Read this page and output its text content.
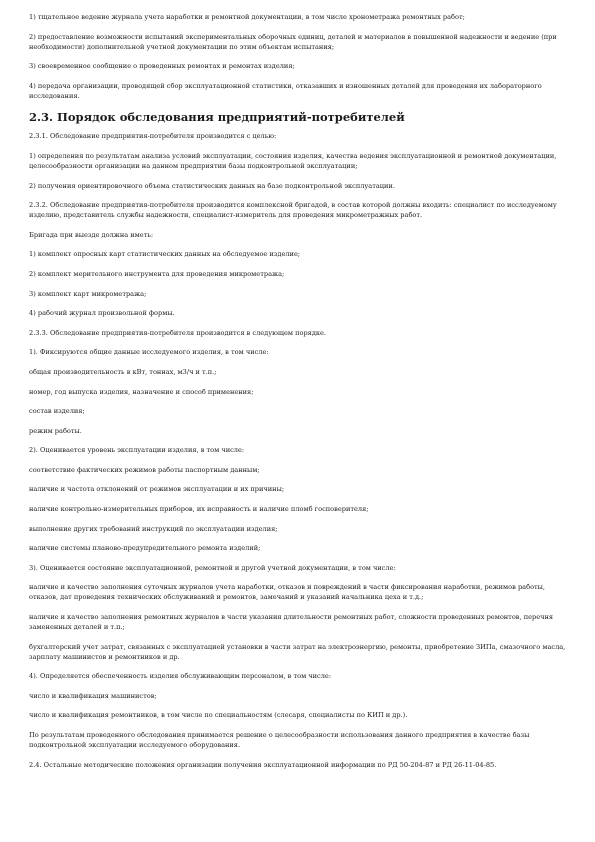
1) тщательное ведение журнала учета наработки и ремонтной документации, в том числе хронометража ремонтных работ;

2) предоставление возможности испытаний экспериментальных оборочных единиц, деталей и материалов в повышенной надежности и ведение (при необходимости) дополнительной учетной документации по этим объектам испытания;

3) своевременное сообщение о проведенных ремонтах и ремонтах изделия;

4) передача организации, проводящей сбор эксплуатационной статистики, отказавших и изношенных деталей для проведения их лабораторного исследования.

2.3. Порядок обследования предприятий-потребителей

2.3.1. Обследование предприятия-потребителя производится с целью:

1) определения по результатам анализа условий эксплуатации, состояния изделия, качества ведения эксплуатационной и ремонтной документации, целесообразности организации на данном предприятии базы подконтрольной эксплуатации;

2) получения ориентировочного объема статистических данных на базе подконтрольной эксплуатации.

2.3.2. Обследование предприятия-потребителя производится комплексной бригадой, в состав которой должны входить: специалист по исследуемому изделию, представитель службы надежности, специалист-измеритель для проведения микрометражных работ.

Бригада при выезде должна иметь:

1) комплект опросных карт статистических данных на обследуемое изделие;

2) комплект мерительного инструмента для проведения микрометража;

3) комплект карт микрометража;

4) рабочий журнал произвольной формы.

2.3.3. Обследование предприятия-потребителя производится в следующем порядке.

1). Фиксируются общие данные исследуемого изделия, в том числе:

общая производительность в кВт, тоннах, м3/ч и т.п.;

номер, год выпуска изделия, назначение и способ применения;

состав изделия;

режим работы.

2). Оценивается уровень эксплуатации изделия, в том числе:

соответствие фактических режимов работы паспортным данным;

наличие и частота отклонений от режимов эксплуатации и их причины;

наличие контрольно-измерительных приборов, их исправность и наличие пломб госповерителя;

выполнение других требований инструкций по эксплуатации изделия;

наличие системы планово-предупредительного ремонта изделий;

3). Оценивается состояние эксплуатационной, ремонтной и другой учетной документации, в том числе:

наличие и качество заполнения суточных журналов учета наработки, отказов и повреждений в части фиксирования наработки, режимов работы, отказов, дат проведения технических обслуживаний и ремонтов, замечаний и указаний начальника цеха и т.д.;

наличие и качество заполнения ремонтных журналов в части указания длительности ремонтных работ, сложности проведенных ремонтов, перечня замененных деталей и т.п.;

бухгалтерский учет затрат, связанных с эксплуатацией установки в части затрат на электроэнергию, ремонты, приобретение ЗИПа, смазочного масла, зарплату машинистов и ремонтников и др.

4). Определяется обеспеченность изделия обслуживающим персоналом, в том числе:

число и квалификация машинистов;

число и квалификация ремонтников, в том числе по специальностям (слесаря, специалисты по КИП и др.).

По результатам проведенного обследования принимается решение о целесообразности использования данного предприятия в качестве базы подконтрольной эксплуатации исследуемого оборудования.

2.4. Остальные методические положения организации получения эксплуатационной информации по РД 50-204-87 и РД 26-11-04-85.
